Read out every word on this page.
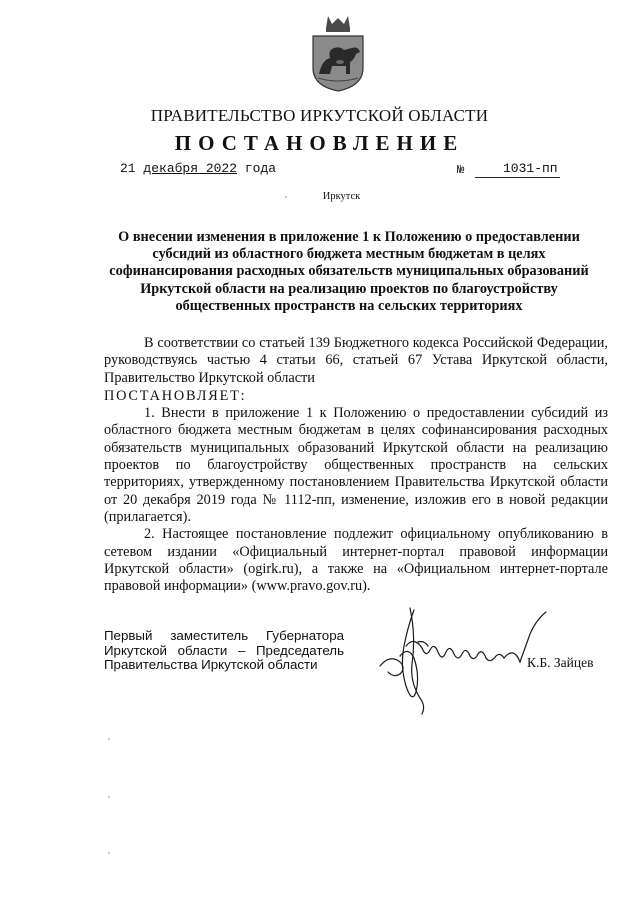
ПРАВИТЕЛЬСТВО ИРКУТСКОЙ ОБЛАСТИ
ПОСТАНОВЛЕНИЕ
21 декабря 2022 года	№	1031-пп
Иркутск
О внесении изменения в приложение 1 к Положению о предоставлении субсидий из областного бюджета местным бюджетам в целях софинансирования расходных обязательств муниципальных образований Иркутской области на реализацию проектов по благоустройству общественных пространств на сельских территориях

В соответствии со статьей 139 Бюджетного кодекса Российской Федерации, руководствуясь частью 4 статьи 66, статьей 67 Устава Иркутской области, Правительство Иркутской области

ПОСТАНОВЛЯЕТ:

1. Внести в приложение 1 к Положению о предоставлении субсидий из областного бюджета местным бюджетам в целях софинансирования расходных обязательств муниципальных образований Иркутской области на реализацию проектов по благоустройству общественных пространств на сельских территориях, утвержденному постановлением Правительства Иркутской области от 20 декабря 2019 года № 1112-пп, изменение, изложив его в новой редакции (прилагается).

2. Настоящее постановление подлежит официальному опубликованию в сетевом издании «Официальный интернет-портал правовой информации Иркутской области» (ogirk.ru), а также на «Официальном интернет-портале правовой информации» (www.pravo.gov.ru).

Первый заместитель Губернатора
Иркутской области – Председатель
Правительства Иркутской области	К.Б. Зайцев
